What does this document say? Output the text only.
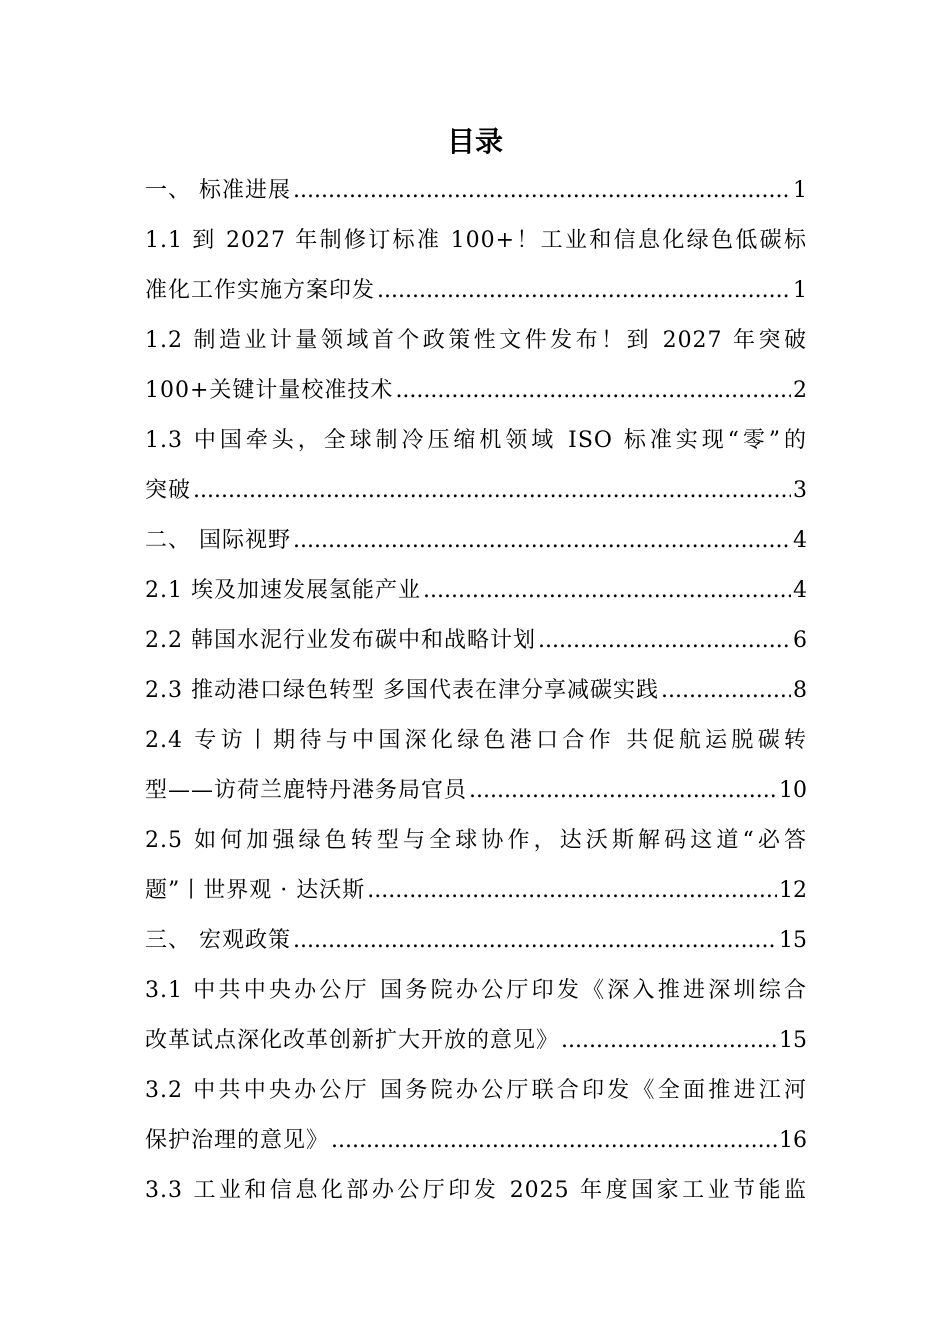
目录
一、 标准进展 .....	1
1.1 到 2027 年制修订标准 100+！工业和信息化绿色低碳标
准化工作实施方案印发 .....	1
1.2 制造业计量领域首个政策性文件发布！到 2027 年突破
100+关键计量校准技术 .....	2
1.3 中国牵头，全球制冷压缩机领域 ISO 标准实现“零”的
突破 .....	3
二、 国际视野 .....	4
2.1 埃及加速发展氢能产业 .....	4
2.2 韩国水泥行业发布碳中和战略计划 .....	6
2.3 推动港口绿色转型 多国代表在津分享减碳实践 .....	8
2.4 专访丨期待与中国深化绿色港口合作 共促航运脱碳转
型——访荷兰鹿特丹港务局官员 .....	10
2.5 如何加强绿色转型与全球协作，达沃斯解码这道“必答
题”丨世界观 · 达沃斯 .....	12
三、 宏观政策 .....	15
3.1 中共中央办公厅 国务院办公厅印发《深入推进深圳综合
改革试点深化改革创新扩大开放的意见》 .....	15
3.2 中共中央办公厅 国务院办公厅联合印发《全面推进江河
保护治理的意见》 .....	16
3.3 工业和信息化部办公厅印发 2025 年度国家工业节能监
